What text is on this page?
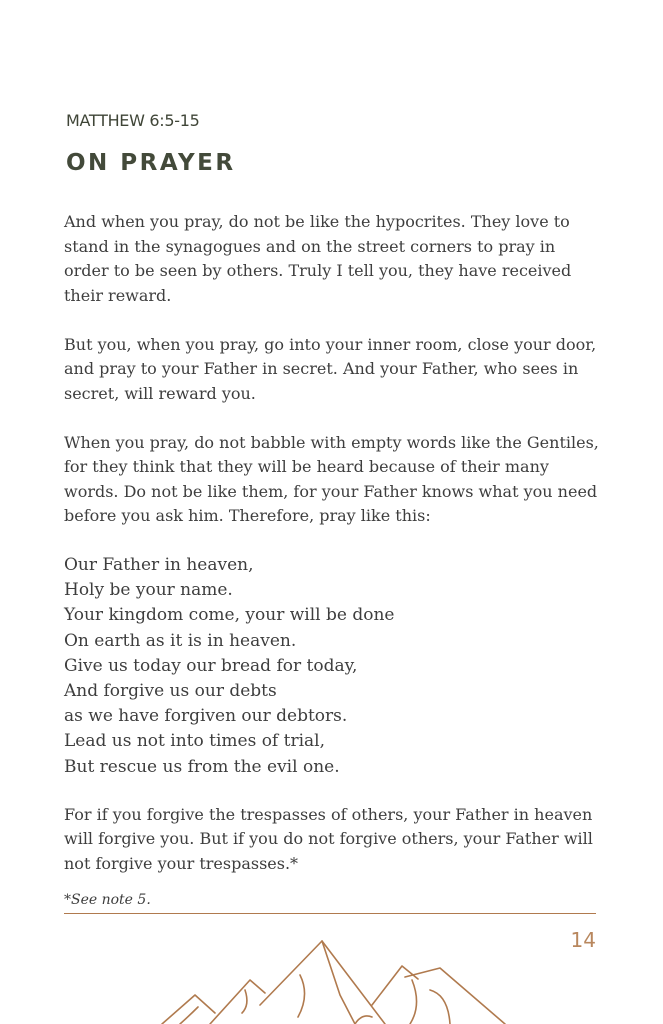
MATTHEW 6:5-15
ON PRAYER

And when you pray, do not be like the hypocrites. They love to stand in the synagogues and on the street corners to pray in order to be seen by others. Truly I tell you, they have received their reward.

But you, when you pray, go into your inner room, close your door, and pray to your Father in secret. And your Father, who sees in secret, will reward you.

When you pray, do not babble with empty words like the Gentiles, for they think that they will be heard because of their many words. Do not be like them, for your Father knows what you need before you ask him. Therefore, pray like this:

Our Father in heaven,
Holy be your name.
Your kingdom come, your will be done
On earth as it is in heaven.
Give us today our bread for today,
And forgive us our debts
as we have forgiven our debtors.
Lead us not into times of trial,
But rescue us from the evil one.

For if you forgive the trespasses of others, your Father in heaven will forgive you. But if you do not forgive others, your Father will not forgive your trespasses.*

*See note 5.
14
